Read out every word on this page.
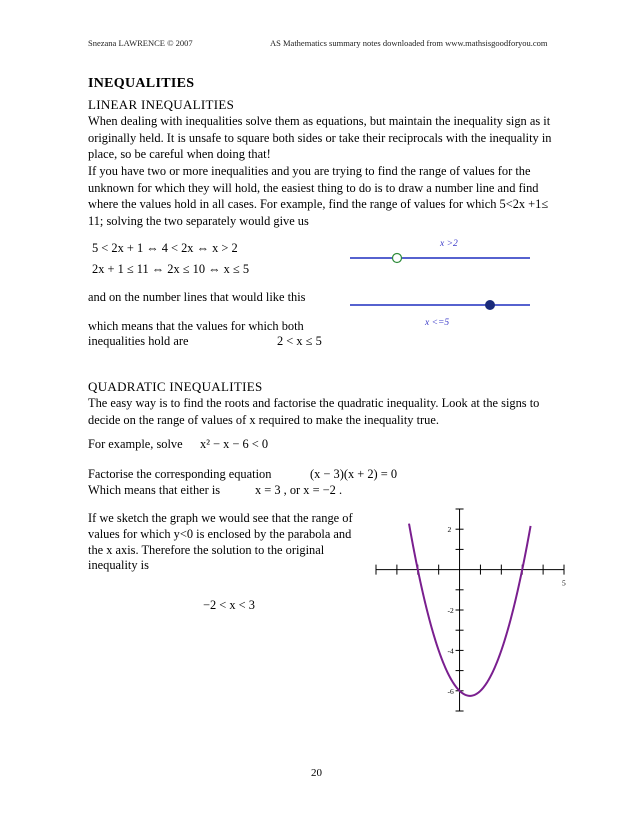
Snezana LAWRENCE © 2007	AS Mathematics summary notes downloaded from www.mathsisgoodforyou.com
INEQUALITIES
LINEAR INEQUALITIES

When dealing with inequalities solve them as equations, but maintain the inequality sign as it originally held. It is unsafe to square both sides or take their reciprocals with the inequality in place, so be careful when doing that!

If you have two or more inequalities and you are trying to find the range of values for the unknown for which they will hold, the easiest thing to do is to draw a number line and find where the values hold in all cases. For example, find the range of values for which 5<2x +1≤ 11; solving the two separately would give us

5 < 2x + 1 ⇔ 4 < 2x ⇔ x > 2
2x + 1 ≤ 11 ⇔ 2x ≤ 10 ⇔ x ≤ 5
and on the number lines that would like this
which means that the values for which both
inequalities hold are	2 < x ≤ 5
x >2
x <=5
QUADRATIC INEQUALITIES

The easy way is to find the roots and factorise the quadratic inequality. Look at the signs to decide on the range of values of x required to make the inequality true.

For example, solve x² − x − 6 < 0
Factorise the corresponding equation	(x − 3)(x + 2) = 0
Which means that either is	x = 3 , or x = −2 .
If we sketch the graph we would see that the range of
values for which y<0 is enclosed by the parabola and
the x axis. Therefore the solution to the original
inequality is
−2 < x < 3
5
2
-2
-4
-6
20
